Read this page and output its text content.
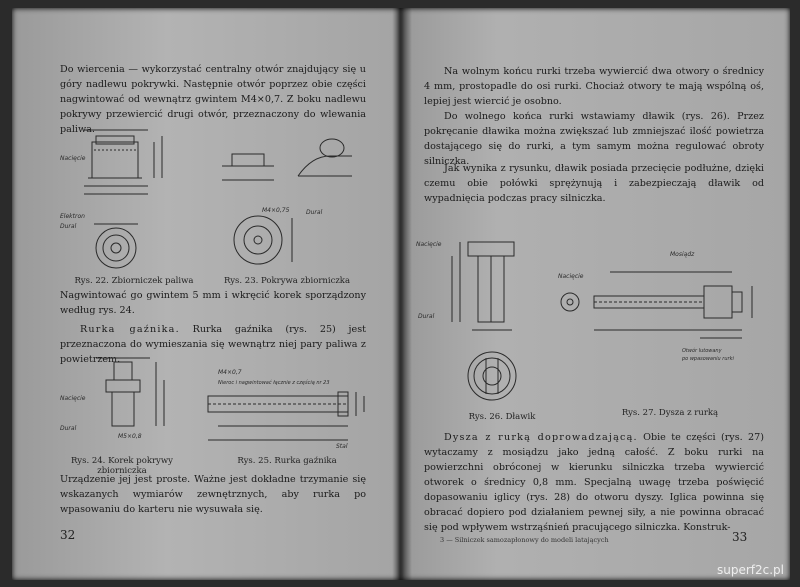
Do wiercenia — wykorzystać centralny otwór znajdujący się u góry nadlewu pokrywki. Następnie otwór poprzez obie części nagwintować od wewnątrz gwintem M4×0,7. Z boku nadlewu pokrywy przewiercić drugi otwór, przeznaczony do wlewania paliwa.
Nacięcie
Elektron
Dural
M4×0,75	Dural
Rys. 22. Zbiorniczek paliwa	Rys. 23. Pokrywa zbiorniczka
Nagwintować go gwintem 5 mm i wkręcić korek sporządzony według rys. 24.
Rurka gaźnika. Rurka gaźnika (rys. 25) jest przeznaczona do wymieszania się wewnątrz niej pary paliwa z powietrzem.
Nacięcie
Dural
M5×0,8
M4×0,7
Nieroc i nagwintować łącznie z częścią nr 23
Stal
Rys. 24. Korek pokrywy zbiorniczka
Rys. 25. Rurka gaźnika
Urządzenie jej jest proste. Ważne jest dokładne trzymanie się wskazanych wymiarów zewnętrznych, aby rurka po wpasowaniu do karteru nie wysuwała się.
32
Na wolnym końcu rurki trzeba wywiercić dwa otwory o średnicy 4 mm, prostopadle do osi rurki. Chociaż otwory te mają wspólną oś, lepiej jest wiercić je osobno.
Do wolnego końca rurki wstawiamy dławik (rys. 26). Przez pokręcanie dławika można zwiększać lub zmniejszać ilość powietrza dostającego się do rurki, a tym samym można regulować obroty silniczka.
Jak wynika z rysunku, dławik posiada przecięcie podłużne, dzięki czemu obie połówki sprężynują i zabezpieczają dławik od wypadnięcia podczas pracy silniczka.
Nacięcie
Dural
Mosiądz
Nacięcie
Otwór lutowany
po wpasowaniu rurki
Rys. 26. Dławik	Rys. 27. Dysza z rurką
Dysza z rurką doprowadzającą. Obie te części (rys. 27) wytaczamy z mosiądzu jako jedną całość. Z boku rurki na powierzchni obróconej w kierunku silniczka trzeba wywiercić otworek o średnicy 0,8 mm. Specjalną uwagę trzeba poświęcić dopasowaniu iglicy (rys. 28) do otworu dyszy. Iglica powinna się obracać dopiero pod działaniem pewnej siły, a nie powinna obracać się pod wpływem wstrząśnień pracującego silniczka. Konstruk-
33
3 — Silniczek samozapłonowy do modeli latających
superf2c.pl
